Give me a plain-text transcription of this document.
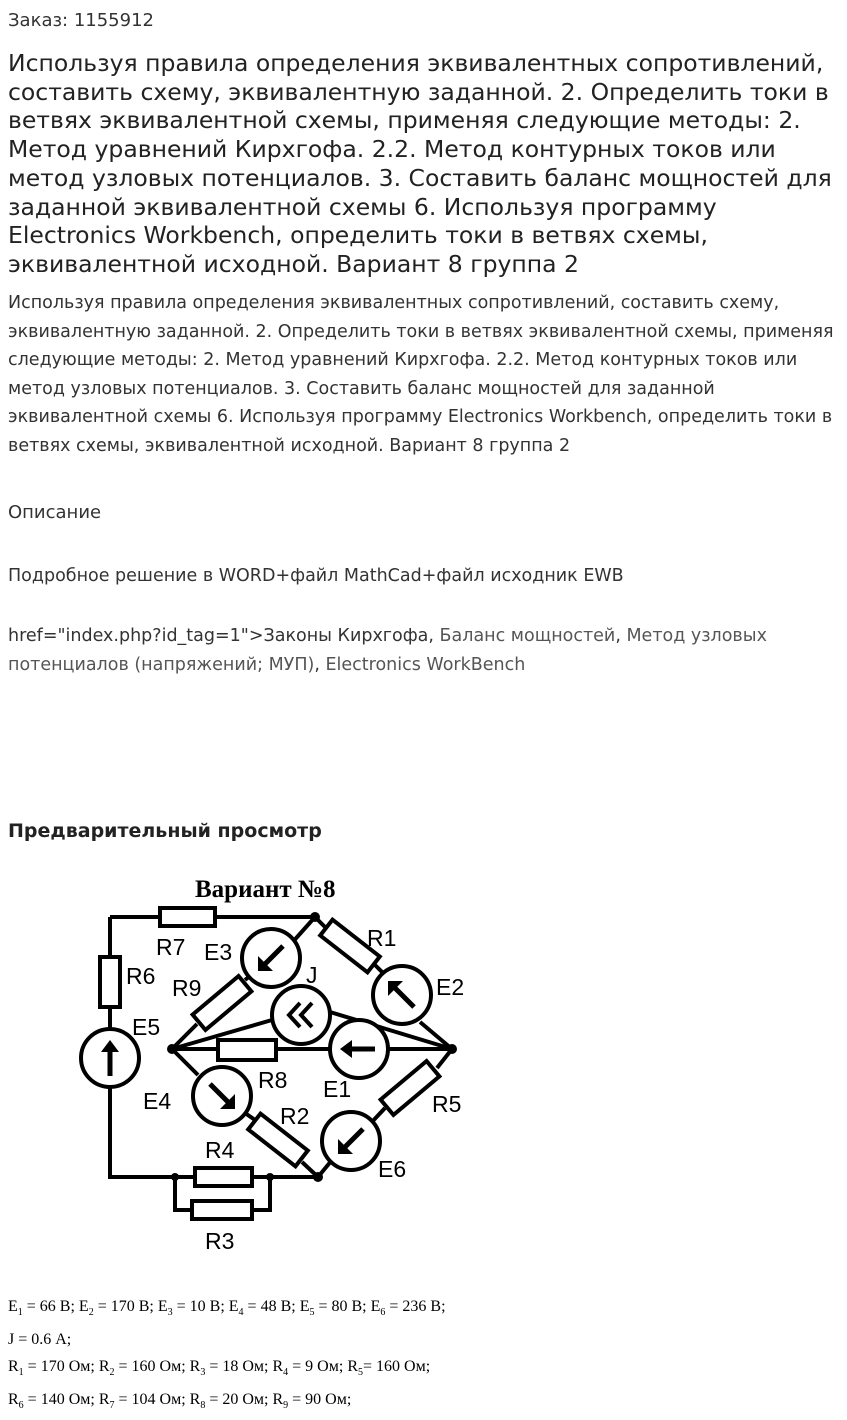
Заказ: 1155912
Используя правила определения эквивалентных сопротивлений, составить схему, эквивалентную заданной. 2. Определить токи в ветвях эквивалентной схемы, применяя следующие методы: 2. Метод уравнений Кирхгофа. 2.2. Метод контурных токов или метод узловых потенциалов. 3. Составить баланс мощностей для заданной эквивалентной схемы 6. Используя программу Electronics Workbench, определить токи в ветвях схемы, эквивалентной исходной. Вариант 8 группа 2
Используя правила определения эквивалентных сопротивлений, составить схему, эквивалентную заданной. 2. Определить токи в ветвях эквивалентной схемы, применяя следующие методы: 2. Метод уравнений Кирхгофа. 2.2. Метод контурных токов или метод узловых потенциалов. 3. Составить баланс мощностей для заданной эквивалентной схемы 6. Используя программу Electronics Workbench, определить токи в ветвях схемы, эквивалентной исходной. Вариант 8 группа 2
Описание
Подробное решение в WORD+файл MathCad+файл исходник EWB
href="index.php?id_tag=1">Законы Кирхгофа, Баланс мощностей, Метод узловых потенциалов (напряжений; МУП), Electronics WorkBench
Предварительный просмотр
Вариант №8
R7
R6
E3
R9	J
R1
E2
E5
R8 E1
R5
E4
R2
R4
E6
R3
$E_1 = 66$ В; $E_2 = 170$ В; $E_3 = 10$ В; $E_4 = 48$ В; $E_5 = 80$ В; $E_6 = 236$ В;
J = 0.6 А;
$R_1 = 170$ Ом; $R_2 = 160$ Ом; $R_3 = 18$ Ом; $R_4 = 9$ Ом; $R_5= 160$ Ом;
$R_6 = 140$ Ом; $R_7 = 104$ Ом; $R_8 = 20$ Ом; $R_9 = 90$ Ом;
